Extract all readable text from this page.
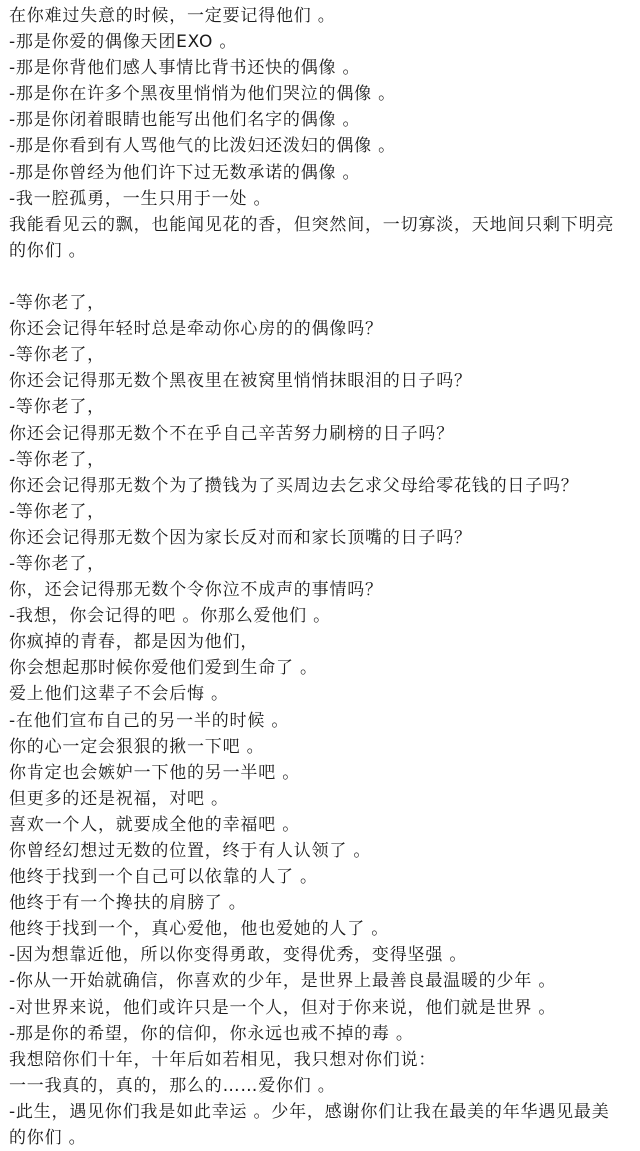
在你难过失意的时候，一定要记得他们 。
-那是你爱的偶像天团EXO 。
-那是你背他们感人事情比背书还快的偶像 。
-那是你在许多个黑夜里悄悄为他们哭泣的偶像 。
-那是你闭着眼睛也能写出他们名字的偶像 。
-那是你看到有人骂他气的比泼妇还泼妇的偶像 。
-那是你曾经为他们许下过无数承诺的偶像 。
-我一腔孤勇，一生只用于一处 。
我能看见云的飘，也能闻见花的香，但突然间，一切寡淡，天地间只剩下明亮的你们 。
-等你老了，
你还会记得年轻时总是牵动你心房的的偶像吗？
-等你老了，
你还会记得那无数个黑夜里在被窝里悄悄抹眼泪的日子吗？
-等你老了，
你还会记得那无数个不在乎自己辛苦努力刷榜的日子吗？
-等你老了，
你还会记得那无数个为了攒钱为了买周边去乞求父母给零花钱的日子吗？
-等你老了，
你还会记得那无数个因为家长反对而和家长顶嘴的日子吗？
-等你老了，
你，还会记得那无数个令你泣不成声的事情吗？
-我想，你会记得的吧 。你那么爱他们 。
你疯掉的青春，都是因为他们，
你会想起那时候你爱他们爱到生命了 。
爱上他们这辈子不会后悔 。
-在他们宣布自己的另一半的时候 。
你的心一定会狠狠的揪一下吧 。
你肯定也会嫉妒一下他的另一半吧 。
但更多的还是祝福，对吧 。
喜欢一个人，就要成全他的幸福吧 。
你曾经幻想过无数的位置，终于有人认领了 。
他终于找到一个自己可以依靠的人了 。
他终于有一个搀扶的肩膀了 。
他终于找到一个，真心爱他，他也爱她的人了 。
-因为想靠近他，所以你变得勇敢，变得优秀，变得坚强 。
-你从一开始就确信，你喜欢的少年，是世界上最善良最温暖的少年 。
-对世界来说，他们或许只是一个人，但对于你来说，他们就是世界 。
-那是你的希望，你的信仰，你永远也戒不掉的毒 。
我想陪你们十年，十年后如若相见，我只想对你们说：
一一我真的，真的，那么的……爱你们 。
-此生，遇见你们我是如此幸运 。少年，感谢你们让我在最美的年华遇见最美的你们 。
